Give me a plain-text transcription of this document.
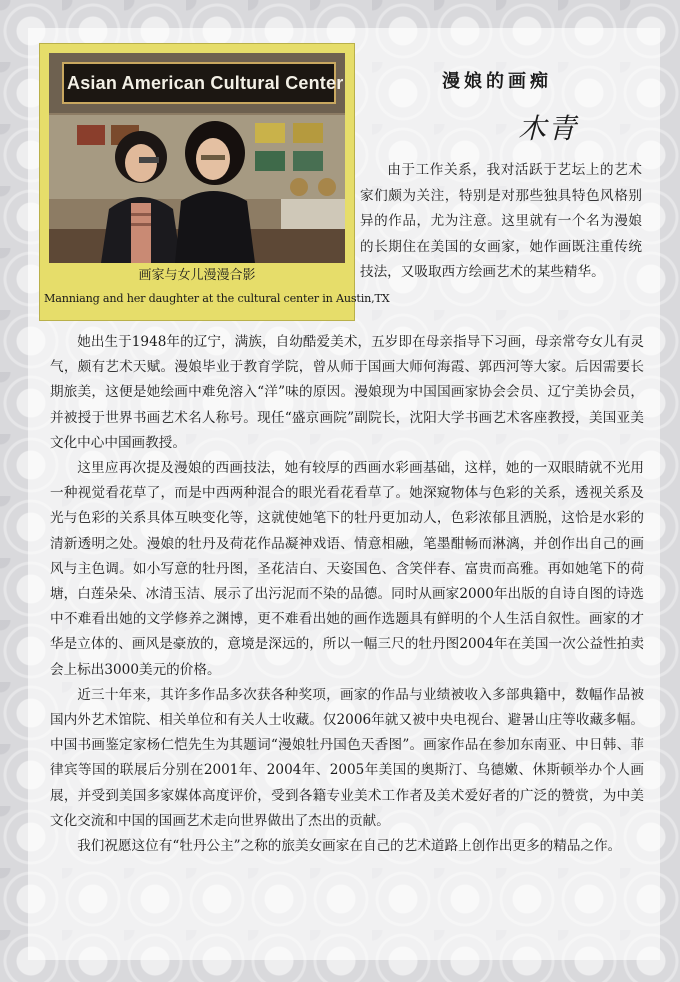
Asian American Cultural Center
画家与女儿漫漫合影
Manniang and her daughter at the cultural center in Austin,TX
漫娘的画痴
木青

由于工作关系，我对活跃于艺坛上的艺术家们颇为关注，特别是对那些独具特色风格别异的作品，尤为注意。这里就有一个名为漫娘的长期住在美国的女画家，她作画既注重传统技法，又吸取西方绘画艺术的某些精华。

她出生于1948年的辽宁，满族，自幼酷爱美术，五岁即在母亲指导下习画，母亲常夸女儿有灵气，颇有艺术天赋。漫娘毕业于教育学院，曾从师于国画大师何海霞、郭西河等大家。后因需要长期旅美，这便是她绘画中难免溶入“洋”味的原因。漫娘现为中国国画家协会会员、辽宁美协会员，并被授于世界书画艺术名人称号。现任“盛京画院”副院长，沈阳大学书画艺术客座教授，美国亚美文化中心中国画教授。

这里应再次提及漫娘的西画技法，她有较厚的西画水彩画基础，这样，她的一双眼睛就不光用一种视觉看花草了，而是中西两种混合的眼光看花看草了。她深窥物体与色彩的关系，透视关系及光与色彩的关系具体互映变化等，这就使她笔下的牡丹更加动人，色彩浓郁且洒脱，这恰是水彩的清新透明之处。漫娘的牡丹及荷花作品凝神戏语、情意相融，笔墨酣畅而淋漓，并创作出自己的画风与主色调。如小写意的牡丹图，圣花洁白、天姿国色、含笑伴春、富贵而高雅。再如她笔下的荷塘，白莲朵朵、冰清玉洁、展示了出污泥而不染的品德。同时从画家2000年出版的自诗自图的诗选中不难看出她的文学修养之渊博，更不难看出她的画作选题具有鲜明的个人生活自叙性。画家的才华是立体的、画风是豪放的，意境是深远的，所以一幅三尺的牡丹图2004年在美国一次公益性拍卖会上标出3000美元的价格。

近三十年来，其许多作品多次获各种奖项，画家的作品与业绩被收入多部典籍中，数幅作品被国内外艺术馆院、相关单位和有关人士收藏。仅2006年就又被中央电视台、避暑山庄等收藏多幅。中国书画鉴定家杨仁恺先生为其题词“漫娘牡丹国色天香图”。画家作品在参加东南亚、中日韩、菲律宾等国的联展后分别在2001年、2004年、2005年美国的奥斯汀、乌德嫩、休斯顿举办个人画展，并受到美国多家媒体高度评价，受到各籍专业美术工作者及美术爱好者的广泛的赞赏，为中美文化交流和中国的国画艺术走向世界做出了杰出的贡献。

我们祝愿这位有“牡丹公主”之称的旅美女画家在自己的艺术道路上创作出更多的精品之作。
